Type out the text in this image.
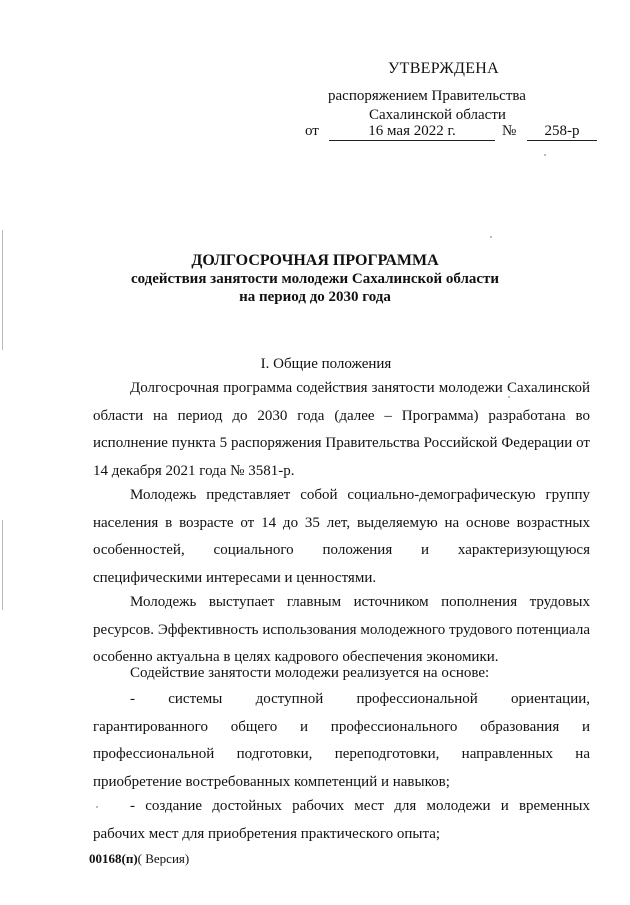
УТВЕРЖДЕНА
распоряжением Правительства
Сахалинской области
от	16 мая 2022 г.	№	258-р
ДОЛГОСРОЧНАЯ ПРОГРАММА
содействия занятости молодежи Сахалинской области
на период до 2030 года
I. Общие положения
Долгосрочная программа содействия занятости молодежи Сахалинской области на период до 2030 года (далее – Программа) разработана во исполнение пункта 5 распоряжения Правительства Российской Федерации от 14 декабря 2021 года № 3581-р.
Молодежь представляет собой социально-демографическую группу населения в возрасте от 14 до 35 лет, выделяемую на основе возрастных особенностей, социального положения и характеризующуюся специфическими интересами и ценностями.
Молодежь выступает главным источником пополнения трудовых ресурсов. Эффективность использования молодежного трудового потенциала особенно актуальна в целях кадрового обеспечения экономики.
Содействие занятости молодежи реализуется на основе:
- системы доступной профессиональной ориентации, гарантированного общего и профессионального образования и профессиональной подготовки, переподготовки, направленных на приобретение востребованных компетенций и навыков;
- создание достойных рабочих мест для молодежи и временных рабочих мест для приобретения практического опыта;
00168(п)( Версия)
